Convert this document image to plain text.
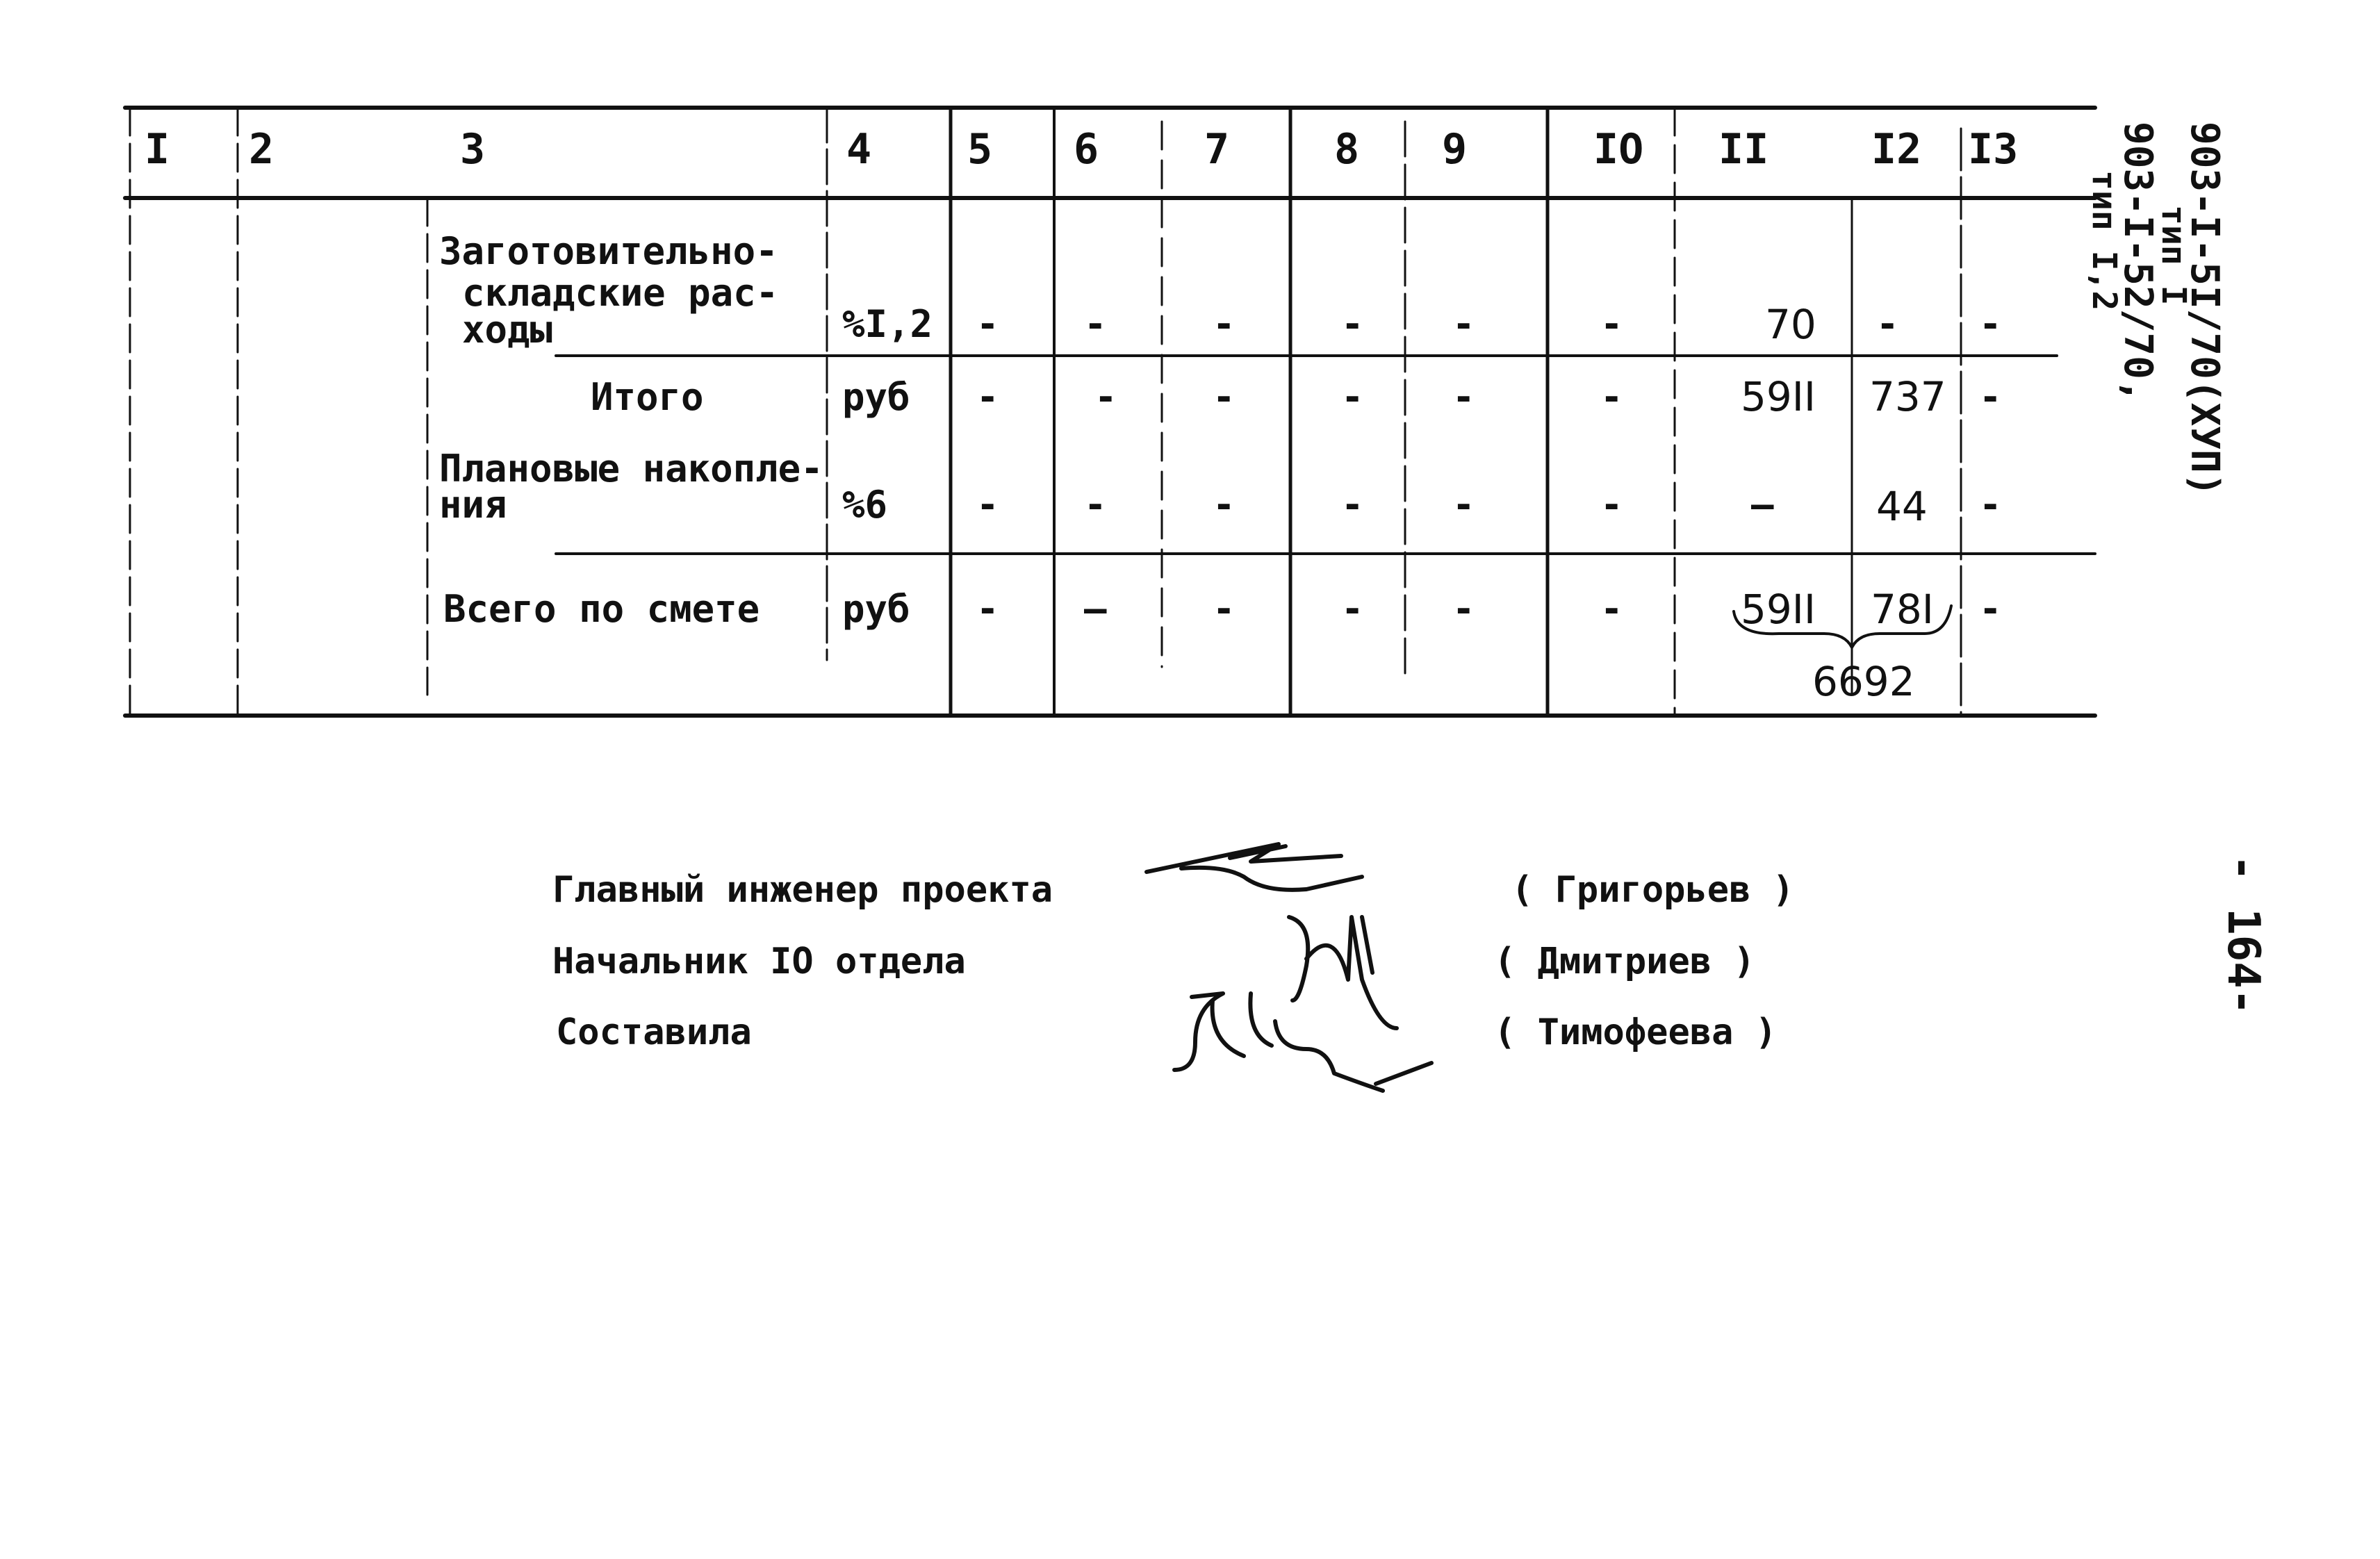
I 2	3	4 5 6	7	8 9	IO II I2 I3
Заготовительно-
складские рас-
ходы	%I,2 - -	-	- -	-	70 - -
Итого	руб -	-	-	- -	-	59II 737 -
Плановые накопле-
ния	%6 - -	-	- -	-	—	44 -
Всего по смете руб - —	-	- -	-	59II 78I -
6692
Главный инженер проекта	( Григорьев )
Начальник IO отдела	( Дмитриев )
Составила	( Тимофеева )
903-I-5I/70(XУП)
тип I
903-I-52/70,
тип I,2
- 164-
